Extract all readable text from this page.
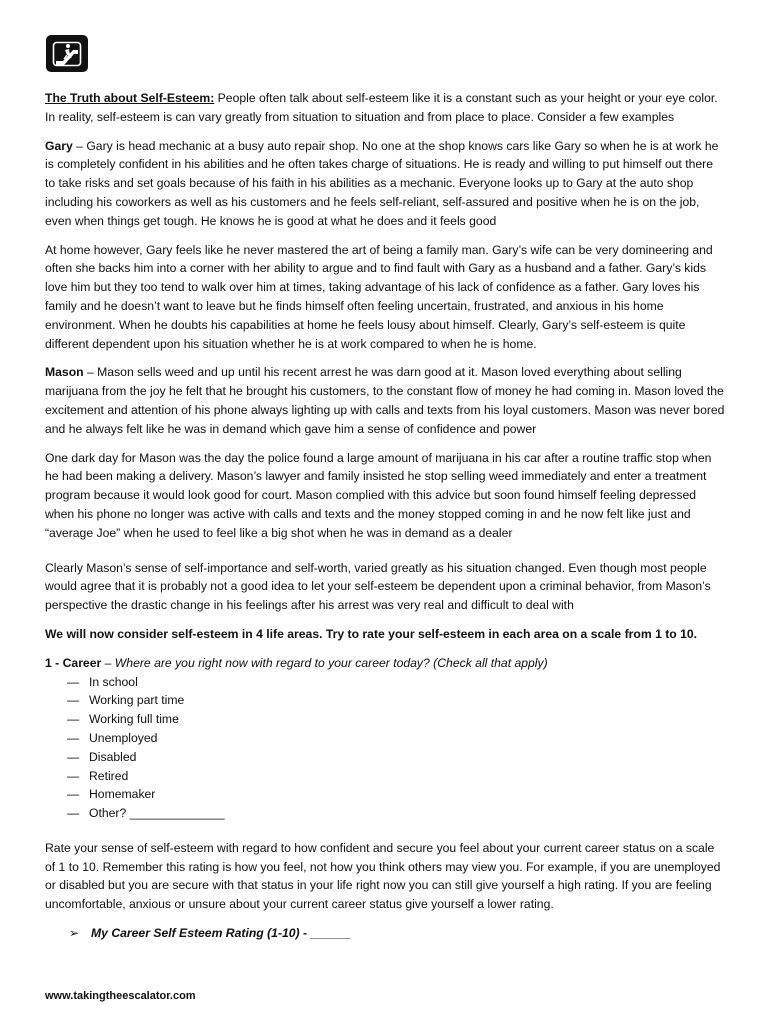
The Truth about Self-Esteem: People often talk about self-esteem like it is a constant such as your height or your eye color. In reality, self-esteem is can vary greatly from situation to situation and from place to place. Consider a few examples

Gary – Gary is head mechanic at a busy auto repair shop. No one at the shop knows cars like Gary so when he is at work he is completely confident in his abilities and he often takes charge of situations. He is ready and willing to put himself out there to take risks and set goals because of his faith in his abilities as a mechanic. Everyone looks up to Gary at the auto shop including his coworkers as well as his customers and he feels self-reliant, self-assured and positive when he is on the job, even when things get tough. He knows he is good at what he does and it feels good

At home however, Gary feels like he never mastered the art of being a family man. Gary’s wife can be very domineering and often she backs him into a corner with her ability to argue and to find fault with Gary as a husband and a father. Gary’s kids love him but they too tend to walk over him at times, taking advantage of his lack of confidence as a father. Gary loves his family and he doesn’t want to leave but he finds himself often feeling uncertain, frustrated, and anxious in his home environment. When he doubts his capabilities at home he feels lousy about himself. Clearly, Gary’s self-esteem is quite different dependent upon his situation whether he is at work compared to when he is home.

Mason – Mason sells weed and up until his recent arrest he was darn good at it. Mason loved everything about selling marijuana from the joy he felt that he brought his customers, to the constant flow of money he had coming in. Mason loved the excitement and attention of his phone always lighting up with calls and texts from his loyal customers. Mason was never bored and he always felt like he was in demand which gave him a sense of confidence and power

One dark day for Mason was the day the police found a large amount of marijuana in his car after a routine traffic stop when he had been making a delivery. Mason’s lawyer and family insisted he stop selling weed immediately and enter a treatment program because it would look good for court. Mason complied with this advice but soon found himself feeling depressed when his phone no longer was active with calls and texts and the money stopped coming in and he now felt like just and “average Joe” when he used to feel like a big shot when he was in demand as a dealer

Clearly Mason’s sense of self-importance and self-worth, varied greatly as his situation changed. Even though most people would agree that it is probably not a good idea to let your self-esteem be dependent upon a criminal behavior, from Mason’s perspective the drastic change in his feelings after his arrest was very real and difficult to deal with

We will now consider self-esteem in 4 life areas. Try to rate your self-esteem in each area on a scale from 1 to 10.

1 - Career – Where are you right now with regard to your career today? (Check all that apply)
— In school
— Working part time
— Working full time
— Unemployed
— Disabled
— Retired
— Homemaker
— Other? ______________

Rate your sense of self-esteem with regard to how confident and secure you feel about your current career status on a scale of 1 to 10. Remember this rating is how you feel, not how you think others may view you. For example, if you are unemployed or disabled but you are secure with that status in your life right now you can still give yourself a high rating. If you are feeling uncomfortable, anxious or unsure about your current career status give yourself a lower rating.

➢ My Career Self Esteem Rating (1-10) - ______
www.takingtheescalator.com
